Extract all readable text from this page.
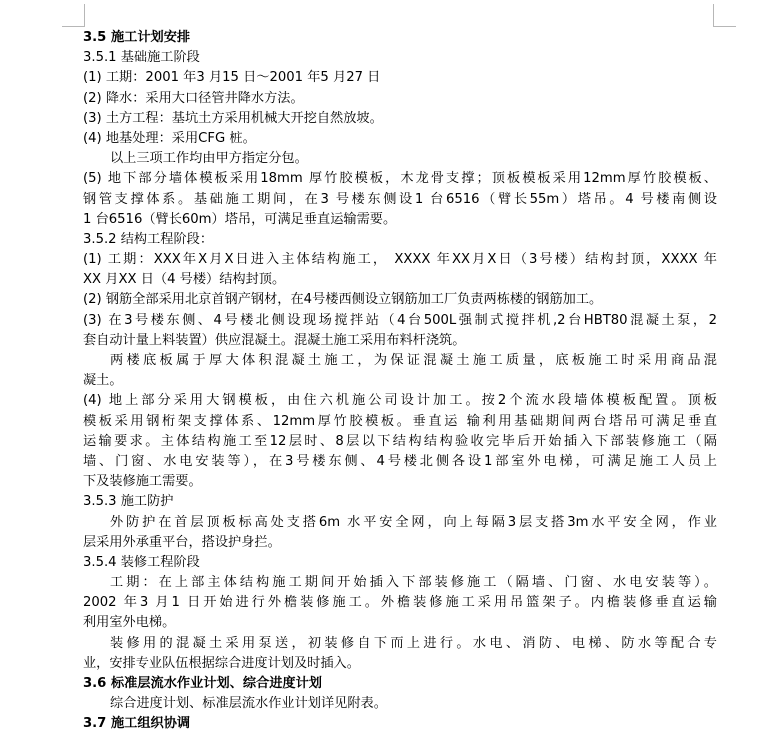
3.5 施工计划安排
3.5.1 基础施工阶段
(1) 工期：2001 年3 月15 日～2001 年5 月27 日
(2) 降水：采用大口径管井降水方法。
(3) 土方工程：基坑土方采用机械大开挖自然放坡。
(4) 地基处理：采用CFG 桩。
以上三项工作均由甲方指定分包。
(5) 地下部分墙体模板采用18mm 厚竹胶模板，木龙骨支撑；顶板模板采用12mm厚竹胶模板、
钢管支撑体系。基础施工期间，在3 号楼东侧设1 台6516（臂长55m）塔吊。4 号楼南侧设
1 台6516（臂长60m）塔吊，可满足垂直运输需要。
3.5.2 结构工程阶段：
(1) 工期：XXX年X月X日进入主体结构施工， XXXX 年XX月X日（3号楼）结构封顶，XXXX 年
XX 月XX 日（4 号楼）结构封顶。
(2) 钢筋全部采用北京首钢产钢材，在4号楼西侧设立钢筋加工厂负责两栋楼的钢筋加工。
(3) 在3号楼东侧、4号楼北侧设现场搅拌站（4台500L强制式搅拌机,2台HBT80混凝土泵，2
套自动计量上料装置）供应混凝土。混凝土施工采用布料杆浇筑。
两楼底板属于厚大体积混凝土施工，为保证混凝土施工质量，底板施工时采用商品混
凝土。
(4) 地上部分采用大钢模板，由住六机施公司设计加工。按2个流水段墙体模板配置。顶板
模板采用钢桁架支撑体系、12mm厚竹胶模板。垂直运 输利用基础期间两台塔吊可满足垂直
运输要求。主体结构施工至12层时、8层以下结构结构验收完毕后开始插入下部装修施工（隔
墙、门窗、水电安装等），在3号楼东侧、4号楼北侧各设1部室外电梯，可满足施工人员上
下及装修施工需要。
3.5.3 施工防护
外防护在首层顶板标高处支搭6m 水平安全网，向上每隔3层支搭3m水平安全网，作业
层采用外承重平台，搭设护身拦。
3.5.4 装修工程阶段
工期：在上部主体结构施工期间开始插入下部装修施工（隔墙、门窗、水电安装等）。
2002 年3 月1 日开始进行外檐装修施工。外檐装修施工采用吊篮架子。内檐装修垂直运输
利用室外电梯。
装修用的混凝土采用泵送，初装修自下而上进行。水电、消防、电梯、防水等配合专
业，安排专业队伍根据综合进度计划及时插入。
3.6 标准层流水作业计划、综合进度计划
综合进度计划、标准层流水作业计划详见附表。
3.7 施工组织协调
